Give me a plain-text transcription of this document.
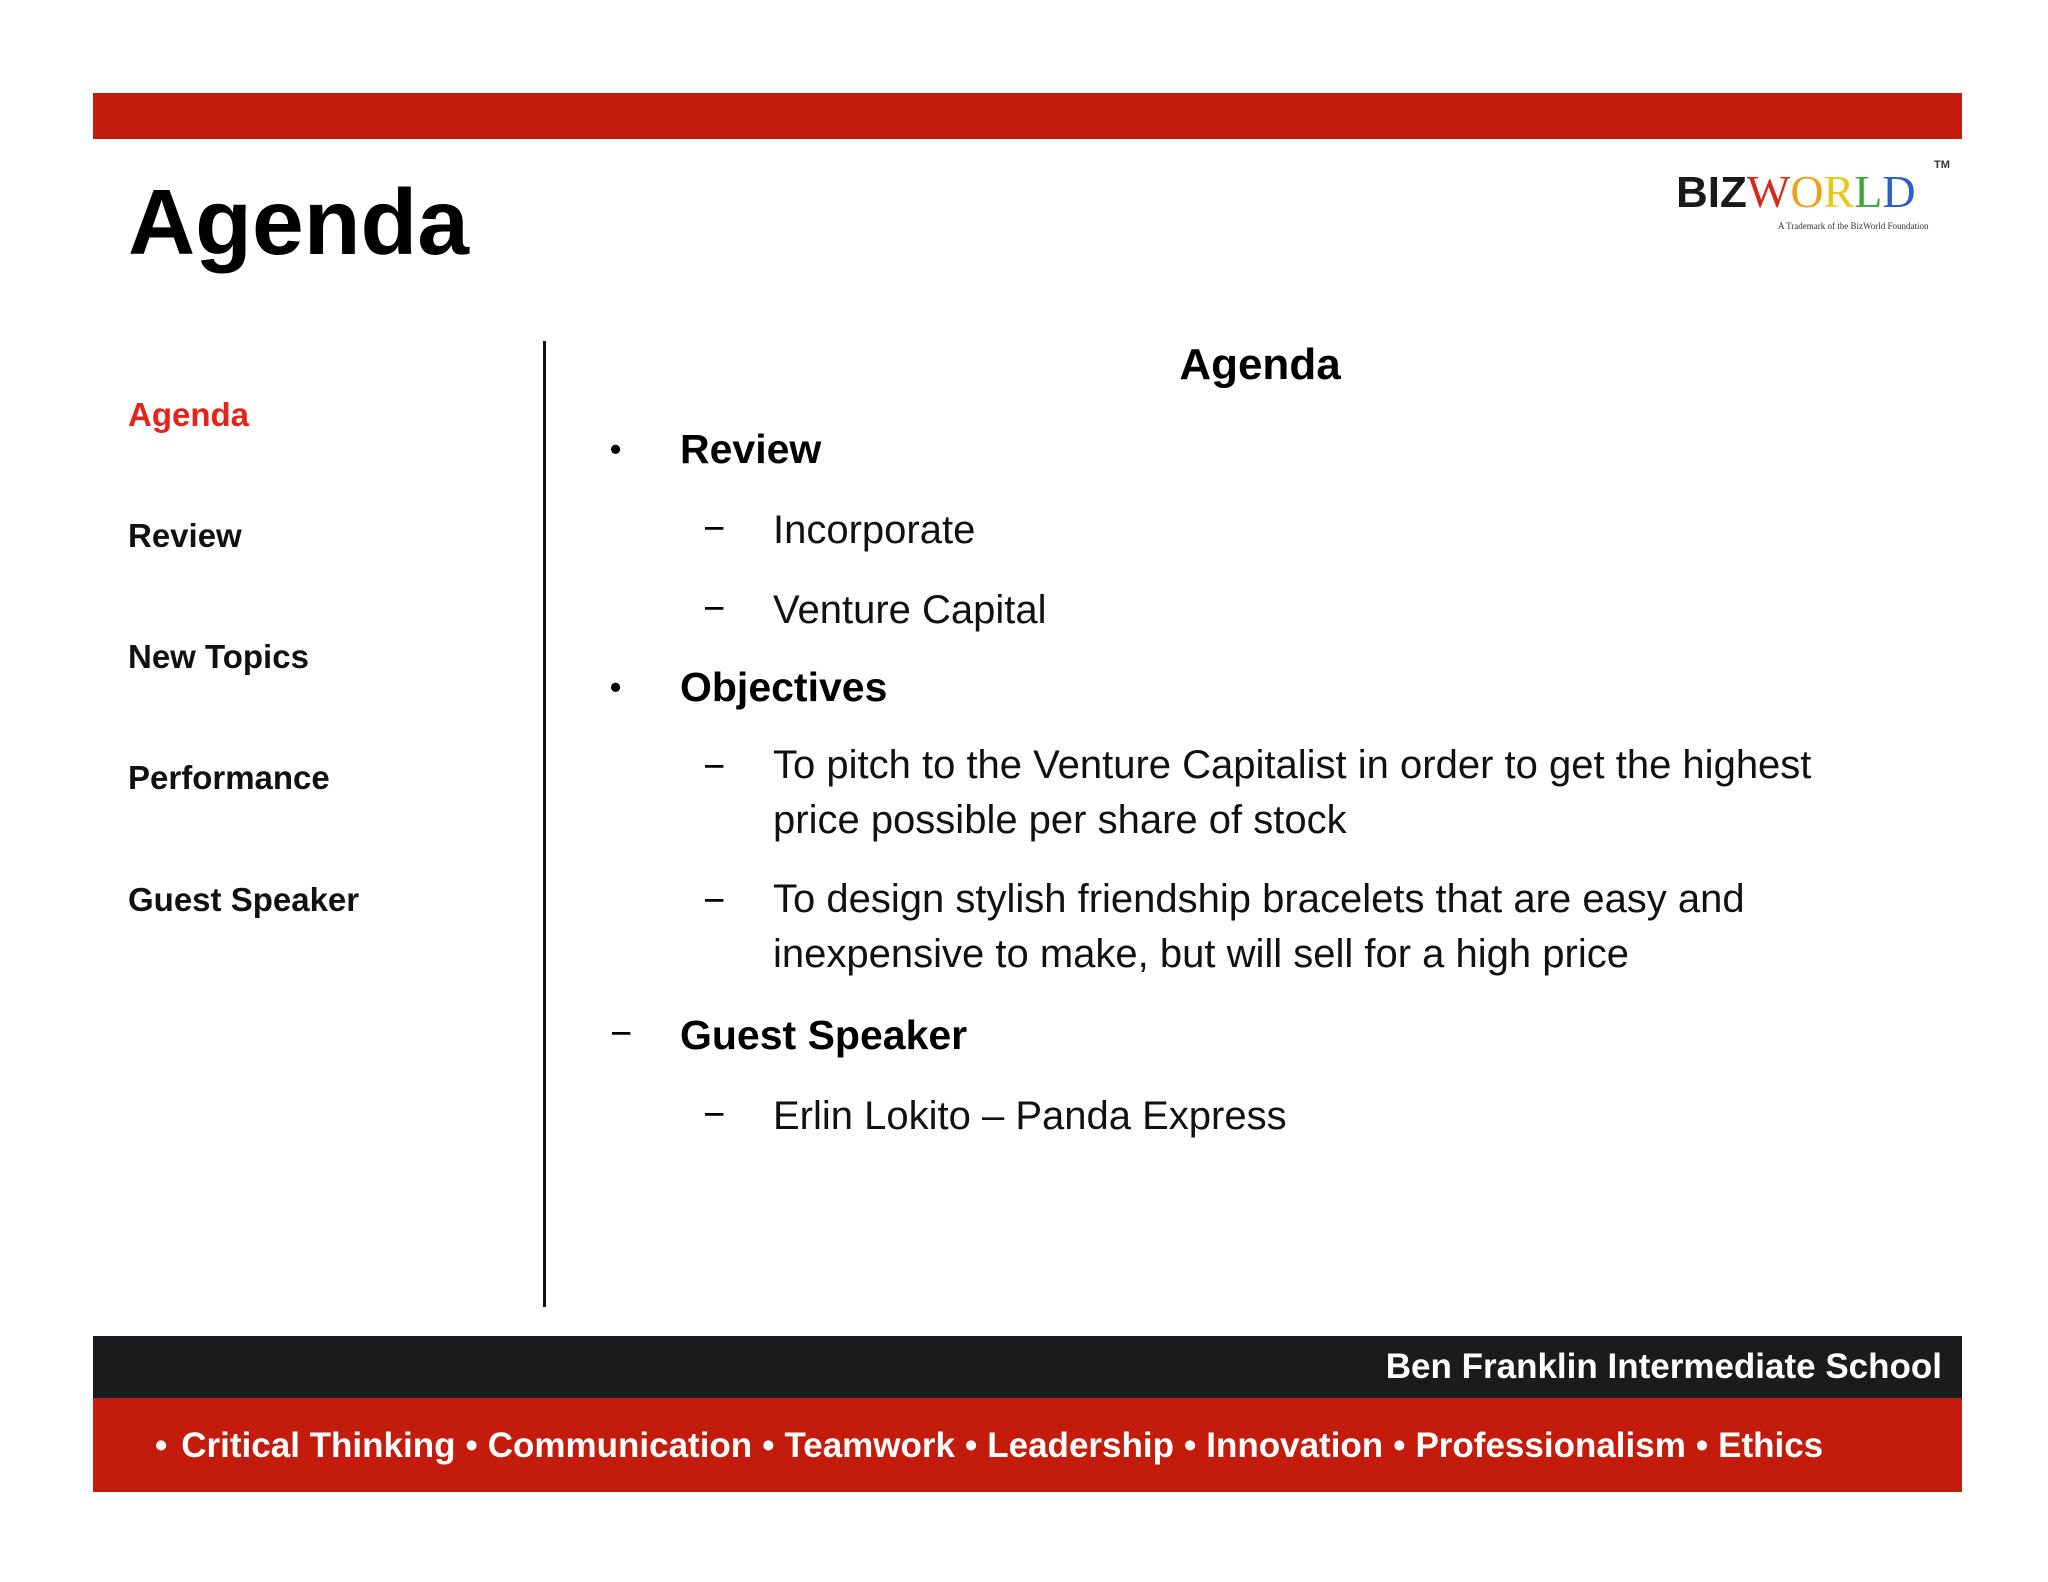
Agenda	BIZWORLD
TM
A Trademark of the BizWorld Foundation
Agenda
Review
New Topics
Performance
Guest Speaker
Agenda
• Review
− Incorporate
− Venture Capital
• Objectives
− To pitch to the Venture Capitalist in order to get the highest price possible per share of stock
− To design stylish friendship bracelets that are easy and inexpensive to make, but will sell for a high price
− Guest Speaker
− Erlin Lokito – Panda Express
Ben Franklin Intermediate School
• Critical Thinking • Communication • Teamwork • Leadership • Innovation • Professionalism • Ethics
